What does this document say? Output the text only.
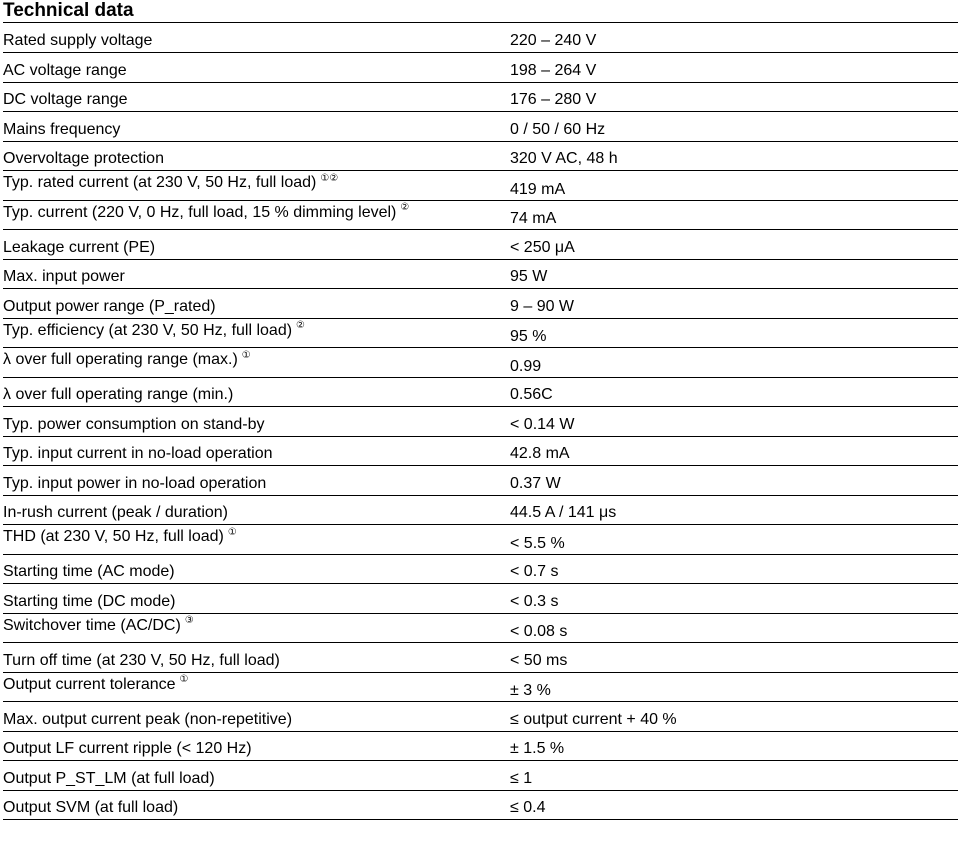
Technical data
Rated supply voltage	220 – 240 V
AC voltage range	198 – 264 V
DC voltage range	176 – 280 V
Mains frequency	0 / 50 / 60 Hz
Overvoltage protection	320 V AC, 48 h
Typ. rated current (at 230 V, 50 Hz, full load) ①②	419 mA
Typ. current (220 V, 0 Hz, full load, 15 % dimming level) ②	74 mA
Leakage current (PE)	< 250 μA
Max. input power	95 W
Output power range (P_rated)	9 – 90 W
Typ. efficiency (at 230 V, 50 Hz, full load) ②	95 %
λ over full operating range (max.) ①	0.99
λ over full operating range (min.)	0.56C
Typ. power consumption on stand-by	< 0.14 W
Typ. input current in no-load operation	42.8 mA
Typ. input power in no-load operation	0.37 W
In-rush current (peak / duration)	44.5 A / 141 μs
THD (at 230 V, 50 Hz, full load) ①	< 5.5 %
Starting time (AC mode)	< 0.7 s
Starting time (DC mode)	< 0.3 s
Switchover time (AC/DC) ③	< 0.08 s
Turn off time (at 230 V, 50 Hz, full load)	< 50 ms
Output current tolerance ①	± 3 %
Max. output current peak (non-repetitive)	≤ output current + 40 %
Output LF current ripple (< 120 Hz)	± 1.5 %
Output P_ST_LM (at full load)	≤ 1
Output SVM (at full load)	≤ 0.4
